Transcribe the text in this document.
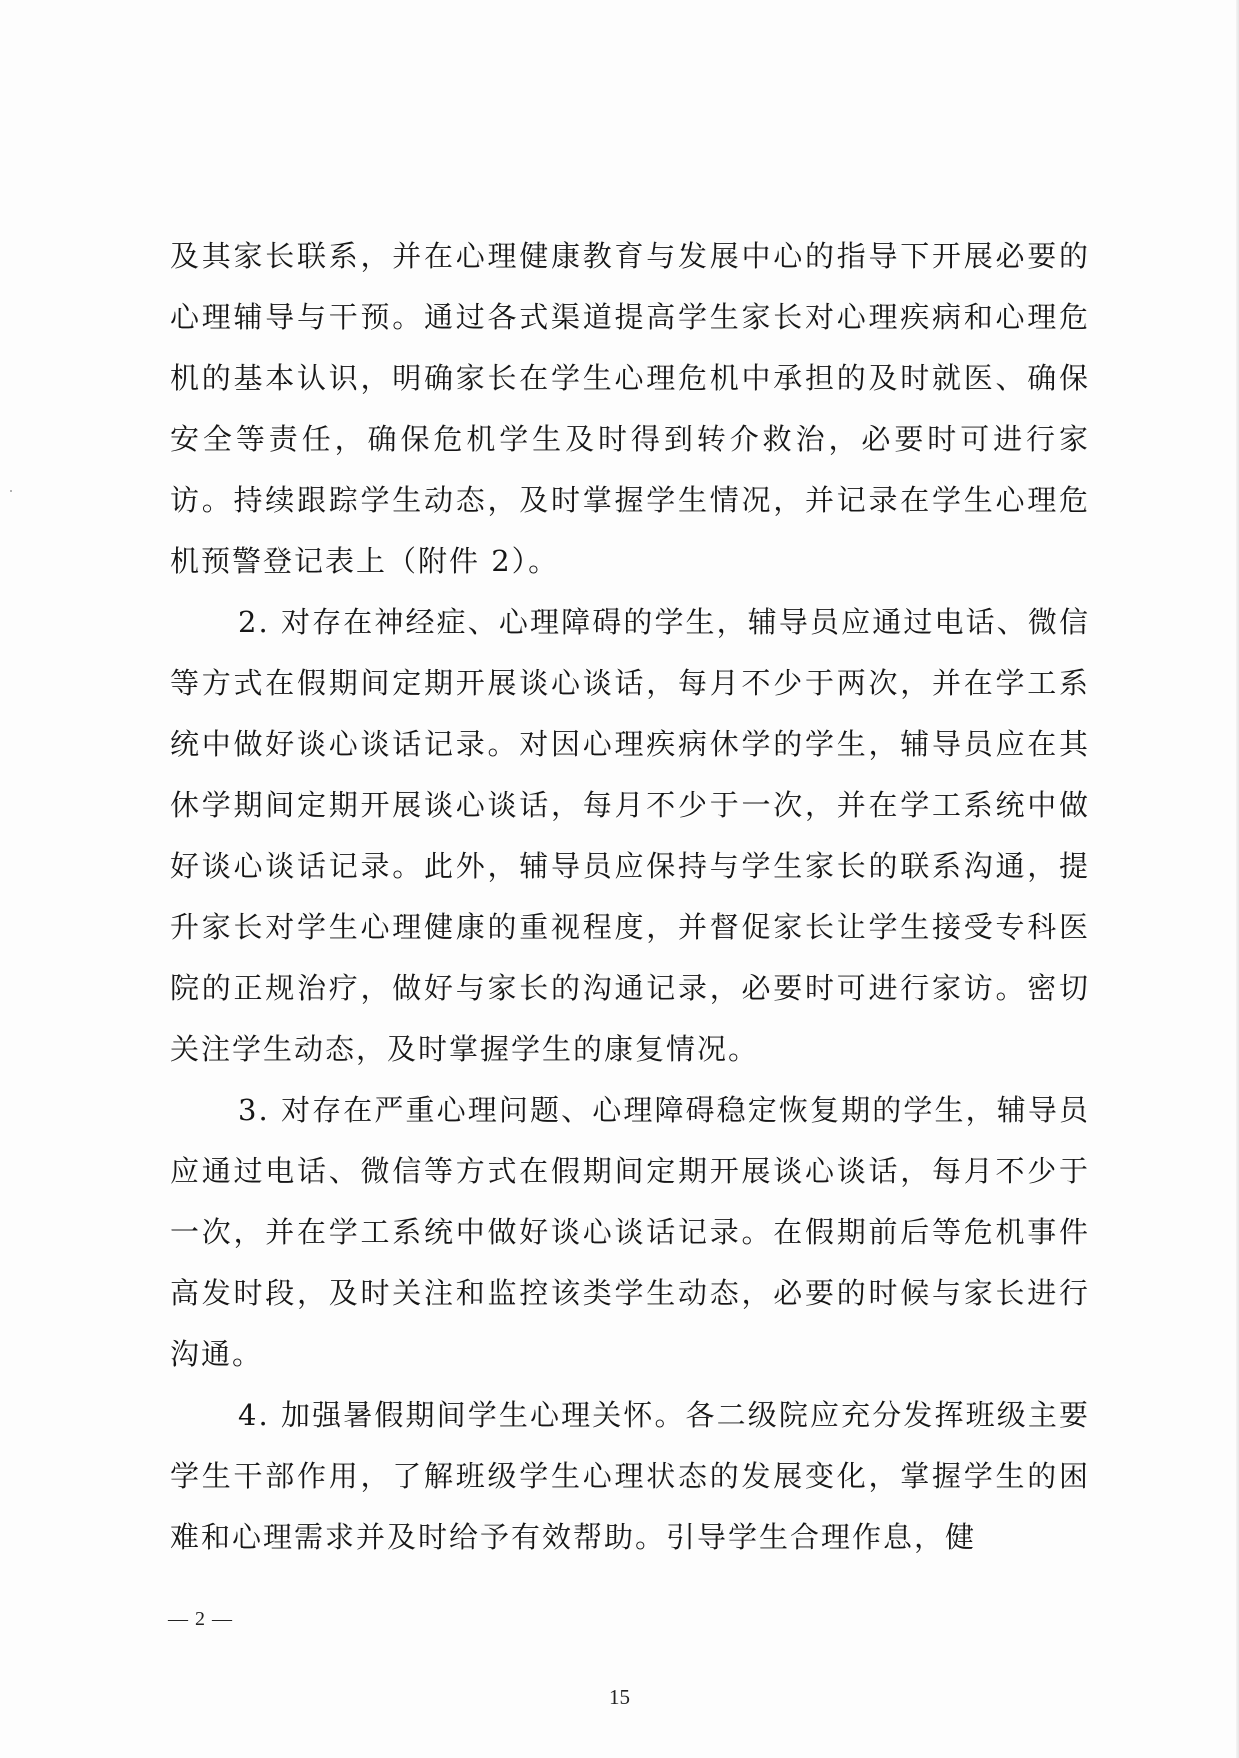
及其家长联系，并在心理健康教育与发展中心的指导下开展必要的心理辅导与干预。通过各式渠道提高学生家长对心理疾病和心理危机的基本认识，明确家长在学生心理危机中承担的及时就医、确保安全等责任，确保危机学生及时得到转介救治，必要时可进行家访。持续跟踪学生动态，及时掌握学生情况，并记录在学生心理危机预警登记表上（附件 2）。

2. 对存在神经症、心理障碍的学生，辅导员应通过电话、微信等方式在假期间定期开展谈心谈话，每月不少于两次，并在学工系统中做好谈心谈话记录。对因心理疾病休学的学生，辅导员应在其休学期间定期开展谈心谈话，每月不少于一次，并在学工系统中做好谈心谈话记录。此外，辅导员应保持与学生家长的联系沟通，提升家长对学生心理健康的重视程度，并督促家长让学生接受专科医院的正规治疗，做好与家长的沟通记录，必要时可进行家访。密切关注学生动态，及时掌握学生的康复情况。

3. 对存在严重心理问题、心理障碍稳定恢复期的学生，辅导员应通过电话、微信等方式在假期间定期开展谈心谈话，每月不少于一次，并在学工系统中做好谈心谈话记录。在假期前后等危机事件高发时段，及时关注和监控该类学生动态，必要的时候与家长进行沟通。

4. 加强暑假期间学生心理关怀。各二级院应充分发挥班级主要学生干部作用，了解班级学生心理状态的发展变化，掌握学生的困难和心理需求并及时给予有效帮助。引导学生合理作息，健

— 2 —
15
